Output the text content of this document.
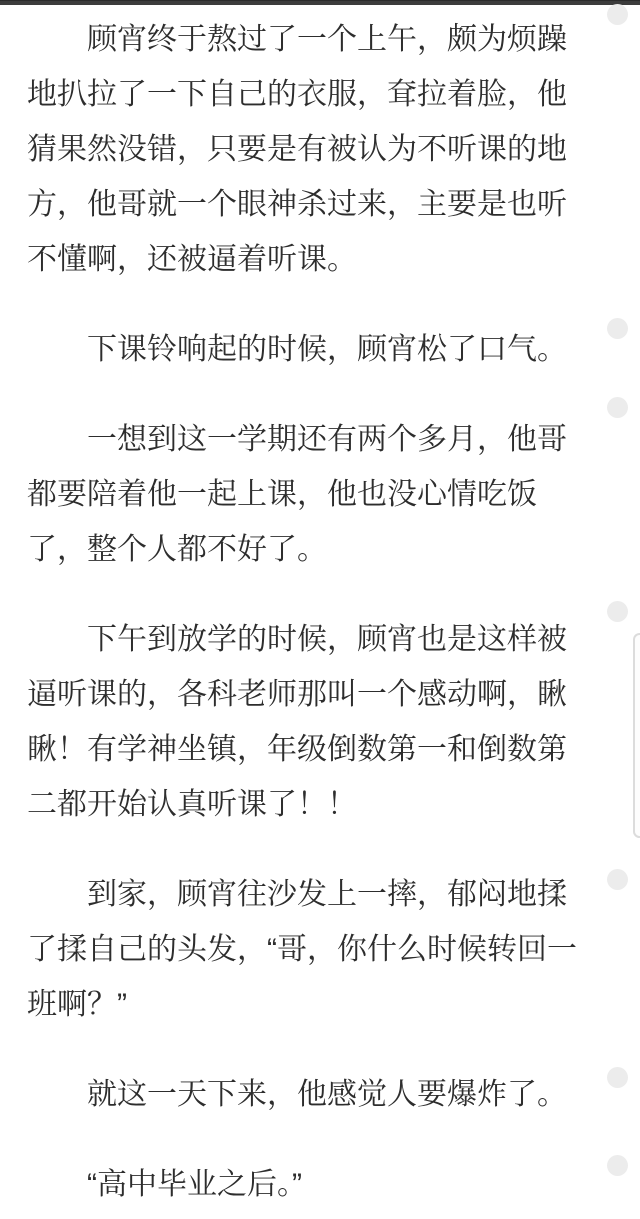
顾宵终于熬过了一个上午，颇为烦躁地扒拉了一下自己的衣服，耷拉着脸，他猜果然没错，只要是有被认为不听课的地方，他哥就一个眼神杀过来，主要是也听不懂啊，还被逼着听课。

下课铃响起的时候，顾宵松了口气。

一想到这一学期还有两个多月，他哥都要陪着他一起上课，他也没心情吃饭了，整个人都不好了。

下午到放学的时候，顾宵也是这样被逼听课的，各科老师那叫一个感动啊，瞅瞅！有学神坐镇，年级倒数第一和倒数第二都开始认真听课了！！

到家，顾宵往沙发上一摔，郁闷地揉了揉自己的头发，“哥，你什么时候转回一班啊？”

就这一天下来，他感觉人要爆炸了。

“高中毕业之后。”
